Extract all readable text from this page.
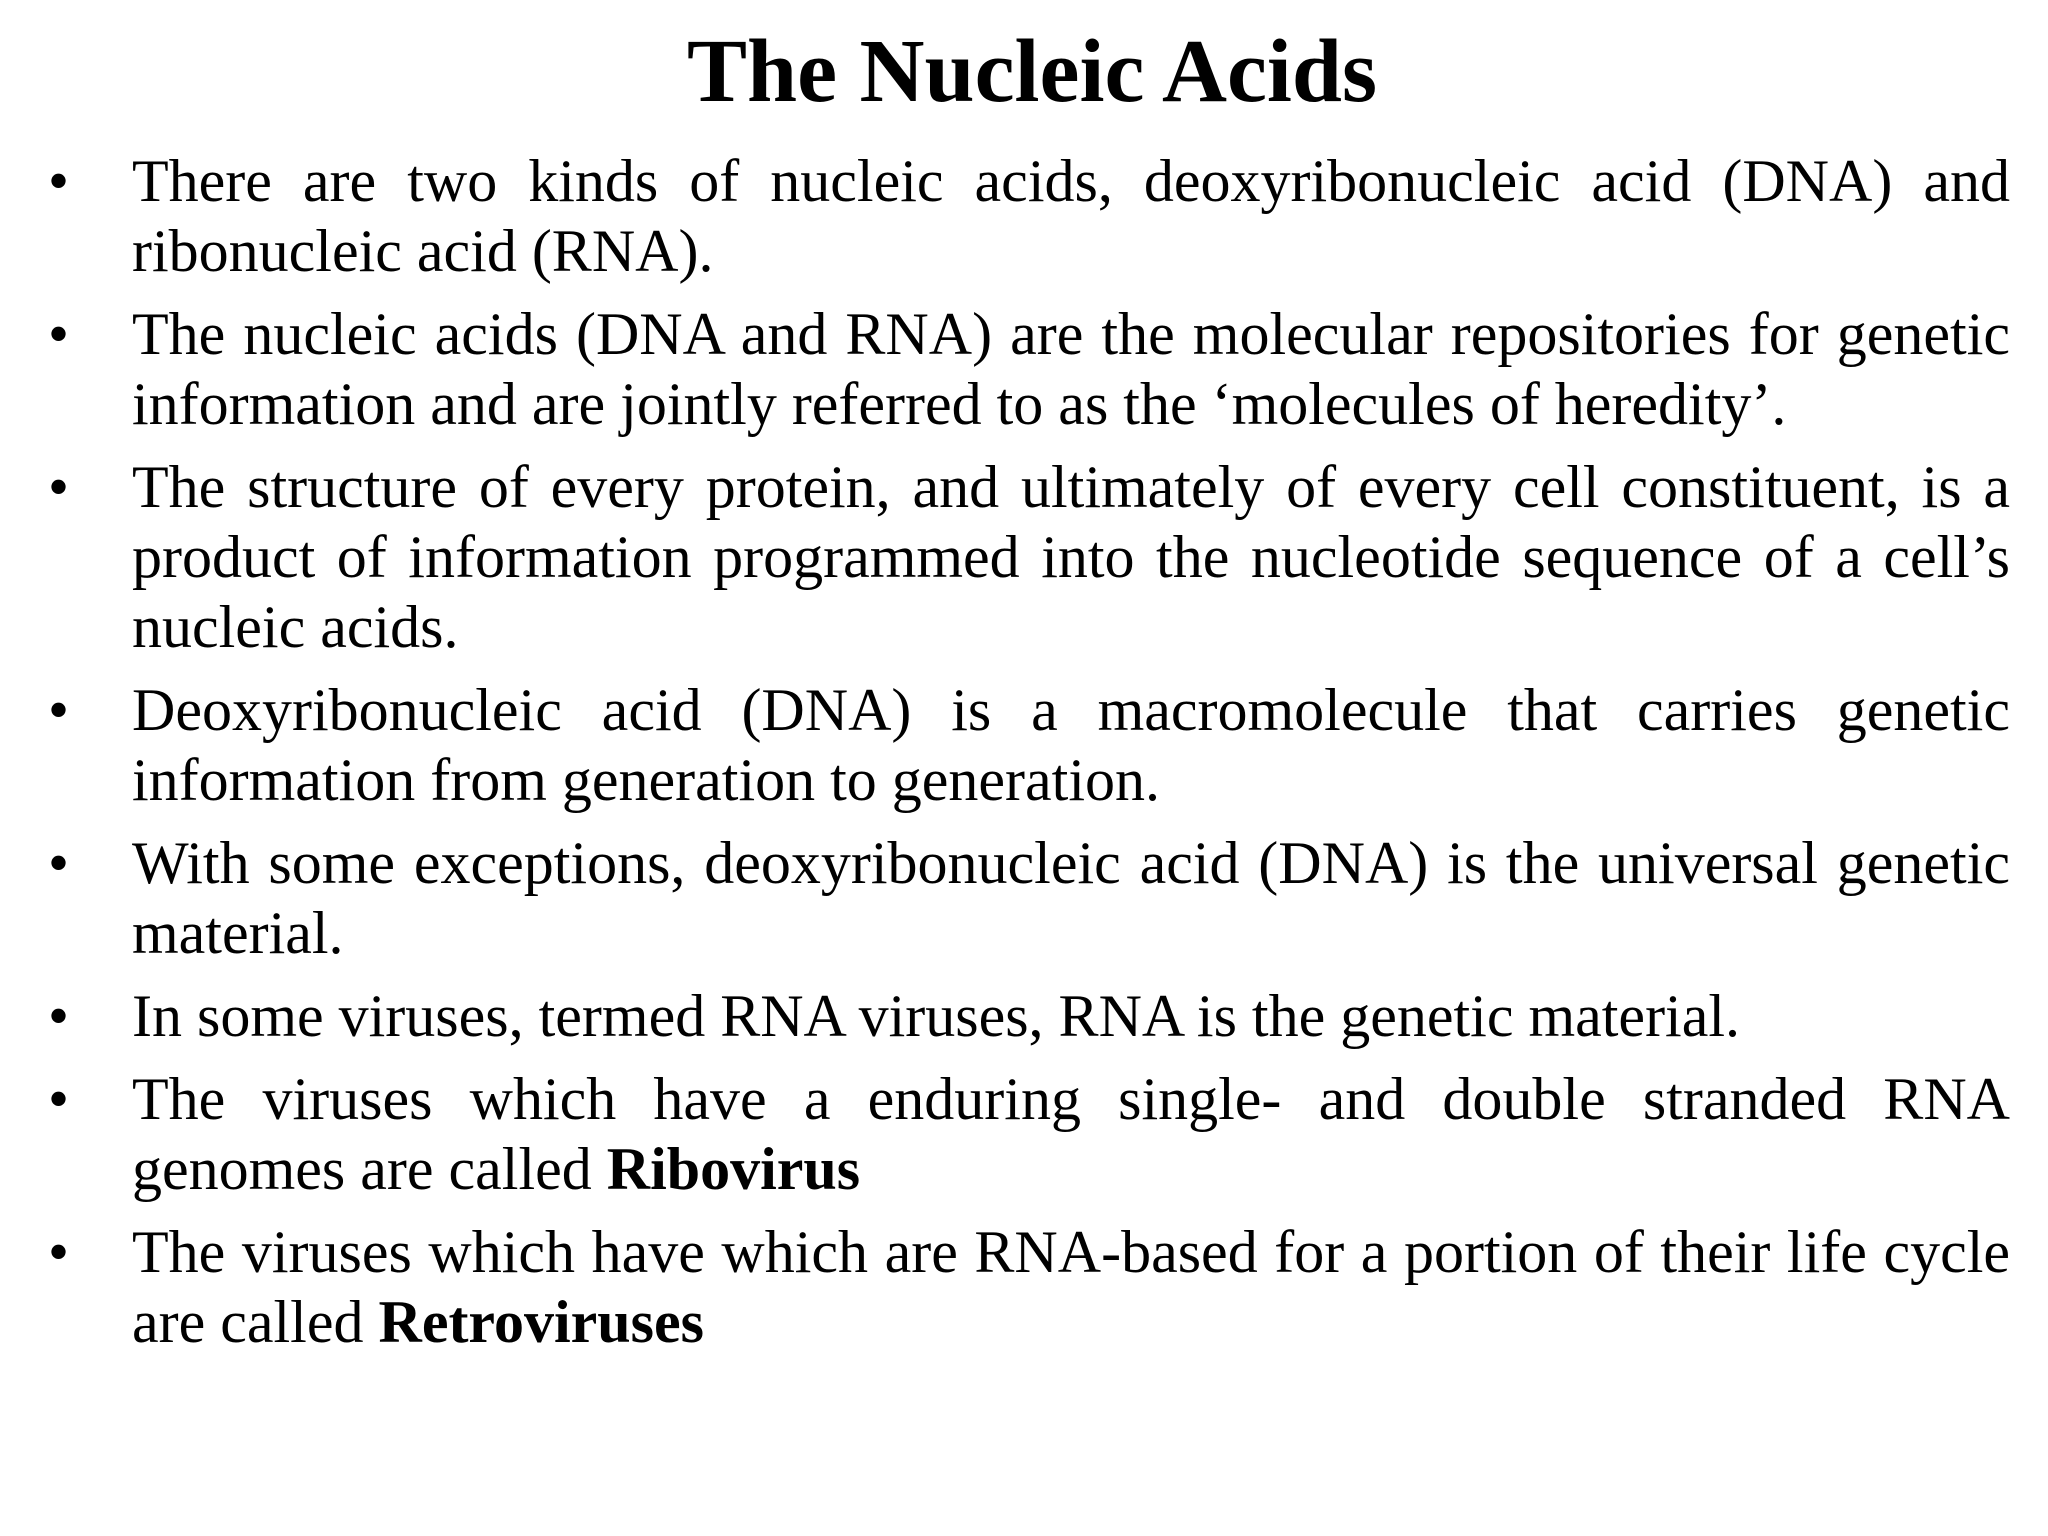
The Nucleic Acids
• There are two kinds of nucleic acids, deoxyribonucleic acid (DNA) and ribonucleic acid (RNA).
• The nucleic acids (DNA and RNA) are the molecular repositories for genetic information and are jointly referred to as the ‘molecules of heredity’.
• The structure of every protein, and ultimately of every cell constituent, is a product of information programmed into the nucleotide sequence of a cell’s nucleic acids.
• Deoxyribonucleic acid (DNA) is a macromolecule that carries genetic information from generation to generation.
• With some exceptions, deoxyribonucleic acid (DNA) is the universal genetic material.
• In some viruses, termed RNA viruses, RNA is the genetic material.
• The viruses which have a enduring single- and double stranded RNA genomes are called Ribovirus
• The viruses which have which are RNA-based for a portion of their life cycle are called Retroviruses
